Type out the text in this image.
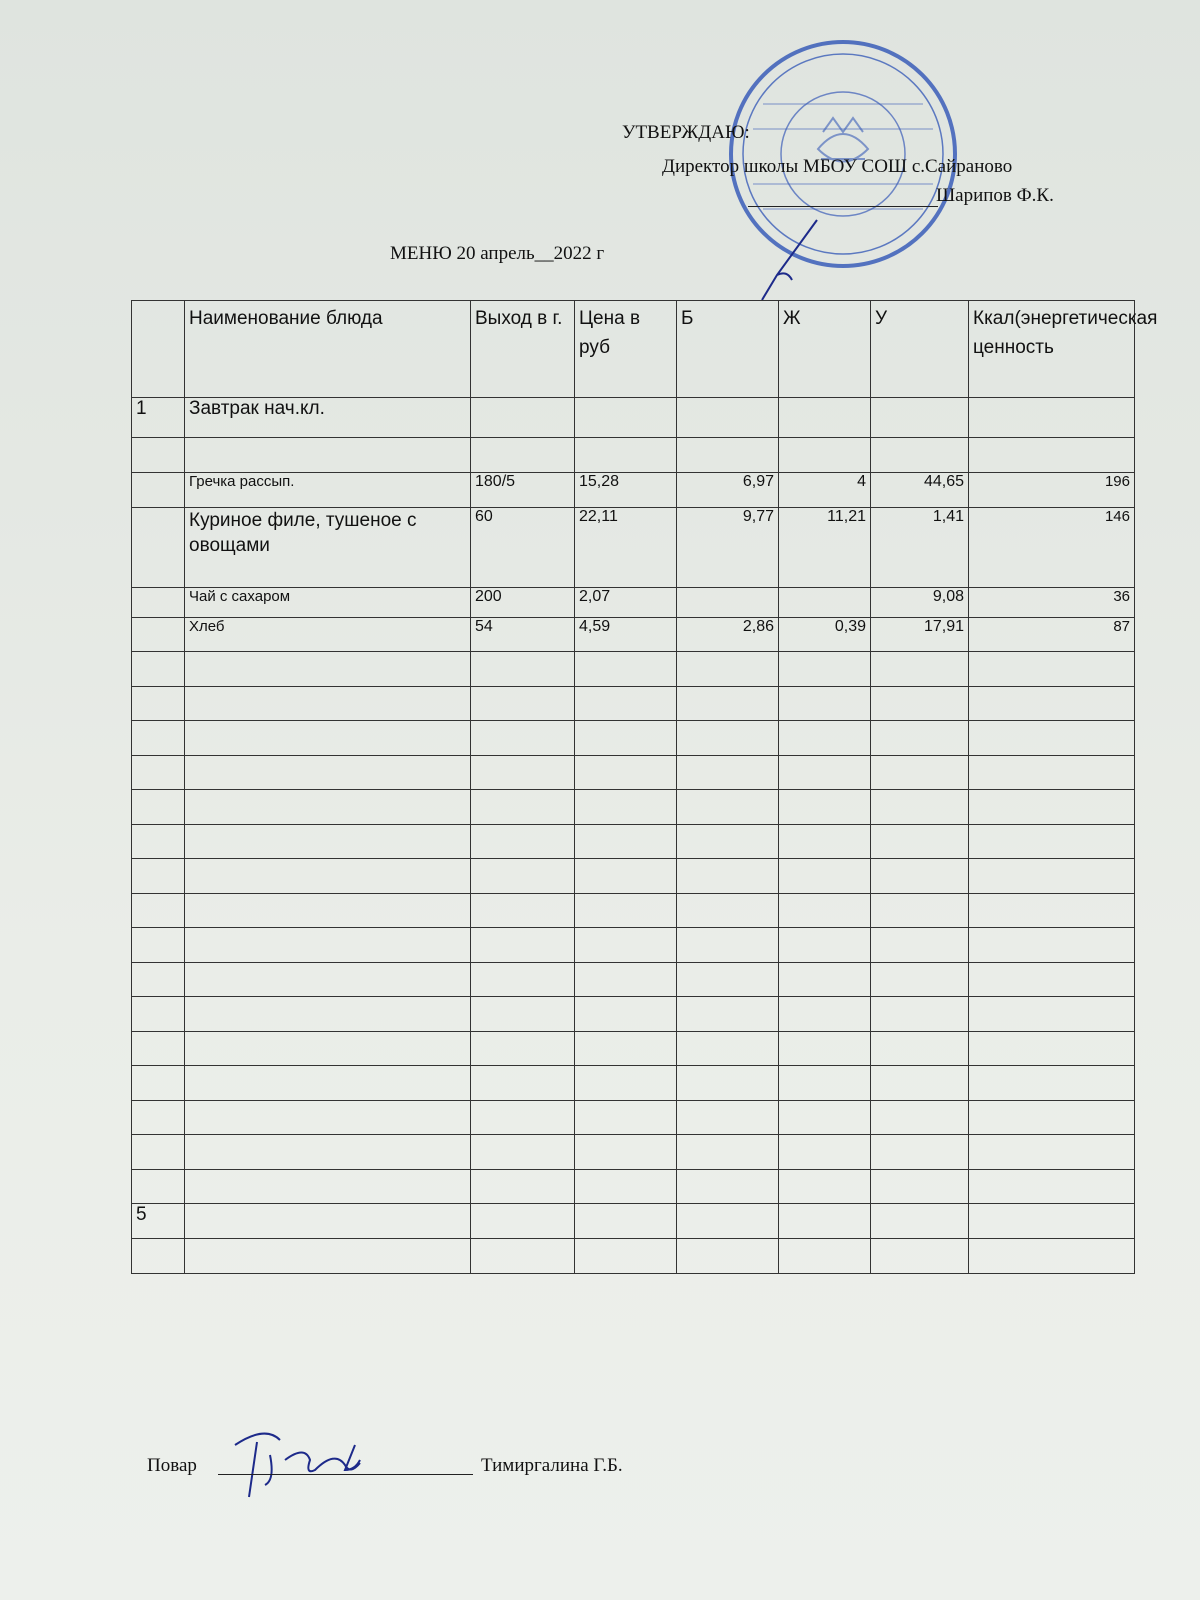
УТВЕРЖДАЮ:
Директор школы МБОУ СОШ с.Сайраново
Шарипов Ф.К.
МЕНЮ 20 апрель__2022 г
	Наименование блюда	Выход в г.	Цена в руб	Б	Ж	У	Ккал(энергетическая ценность
1	Завтрак нач.кл.						

	Гречка рассып.	180/5	15,28	6,97	4	44,65	196
	Куриное филе, тушеное с овощами	60	22,11	9,77	11,21	1,41	146
	Чай с сахаром	200	2,07			9,08	36
	Хлеб	54	4,59	2,86	0,39	17,91	87

5							

Повар	Тимиргалина Г.Б.
